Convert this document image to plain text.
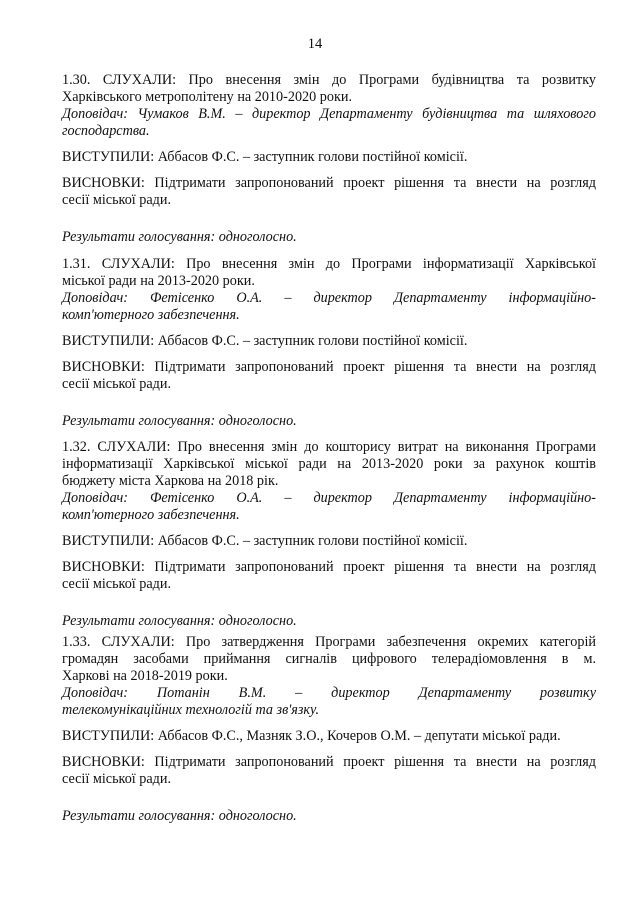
14
1.30. СЛУХАЛИ: Про внесення змін до Програми будівництва та розвитку
Харківського метрополітену на 2010-2020 роки.
Доповідач: Чумаков В.М. – директор Департаменту будівництва та шляхового
господарства.
ВИСТУПИЛИ: Аббасов Ф.С. – заступник голови постійної комісії.
ВИСНОВКИ: Підтримати запропонований проект рішення та внести на розгляд
сесії міської ради.
Результати голосування: одноголосно.
1.31. СЛУХАЛИ: Про внесення змін до Програми інформатизації Харківської
міської ради на 2013-2020 роки.
Доповідач: Фетісенко О.А. – директор Департаменту інформаційно-
комп'ютерного забезпечення.
ВИСТУПИЛИ: Аббасов Ф.С. – заступник голови постійної комісії.
ВИСНОВКИ: Підтримати запропонований проект рішення та внести на розгляд
сесії міської ради.
Результати голосування: одноголосно.
1.32. СЛУХАЛИ: Про внесення змін до кошторису витрат на виконання Програми
інформатизації Харківської міської ради на 2013-2020 роки за рахунок коштів
бюджету міста Харкова на 2018 рік.
Доповідач: Фетісенко О.А. – директор Департаменту інформаційно-
комп'ютерного забезпечення.
ВИСТУПИЛИ: Аббасов Ф.С. – заступник голови постійної комісії.
ВИСНОВКИ: Підтримати запропонований проект рішення та внести на розгляд
сесії міської ради.
Результати голосування: одноголосно.
1.33. СЛУХАЛИ: Про затвердження Програми забезпечення окремих категорій
громадян засобами приймання сигналів цифрового телерадіомовлення в м.
Харкові на 2018-2019 роки.
Доповідач: Потанін В.М. – директор Департаменту розвитку
телекомунікаційних технологій та зв'язку.
ВИСТУПИЛИ: Аббасов Ф.С., Мазняк З.О., Кочеров О.М. – депутати міської ради.
ВИСНОВКИ: Підтримати запропонований проект рішення та внести на розгляд
сесії міської ради.
Результати голосування: одноголосно.
